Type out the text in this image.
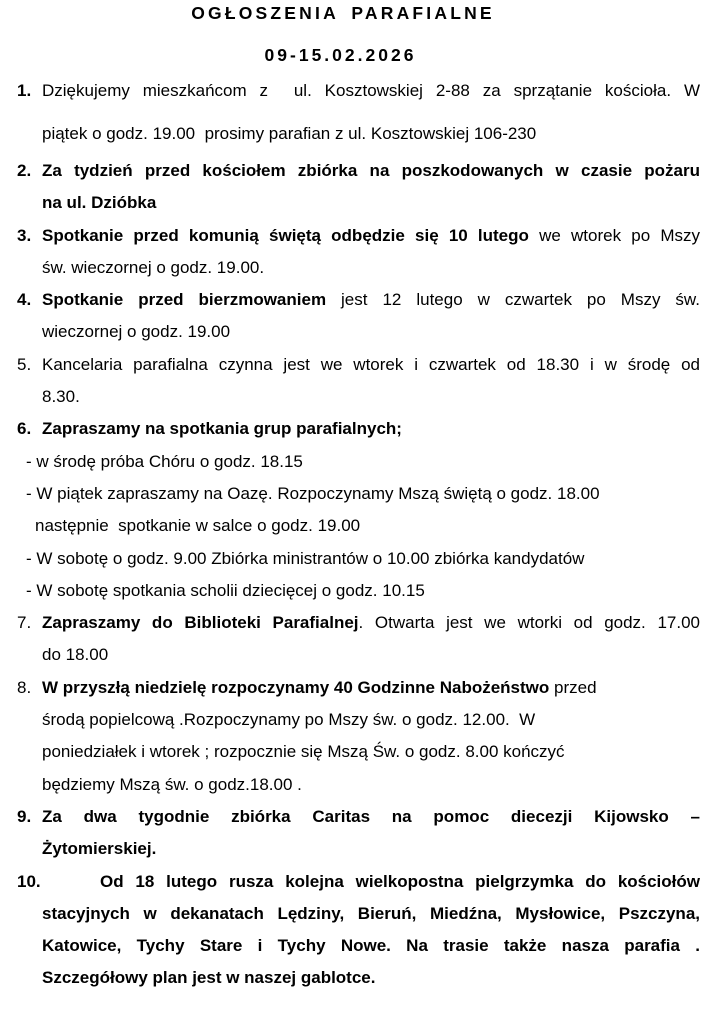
OGŁOSZENIA PARAFIALNE
09-15.02.2026
1. Dziękujemy mieszkańcom z  ul. Kosztowskiej 2-88 za sprzątanie kościoła. W
piątek o godz. 19.00  prosimy parafian z ul. Kosztowskiej 106-230
2. Za tydzień przed kościołem zbiórka na poszkodowanych w czasie pożaru
na ul. Dzióbka
3. Spotkanie przed komunią świętą odbędzie się 10 lutego we wtorek po Mszy
św. wieczornej o godz. 19.00.
4. Spotkanie przed bierzmowaniem jest 12 lutego w czwartek po Mszy św.
wieczornej o godz. 19.00
5. Kancelaria parafialna czynna jest we wtorek i czwartek od 18.30 i w środę od
8.30.
6. Zapraszamy na spotkania grup parafialnych;
- w środę próba Chóru o godz. 18.15
- W piątek zapraszamy na Oazę. Rozpoczynamy Mszą świętą o godz. 18.00
następnie  spotkanie w salce o godz. 19.00
- W sobotę o godz. 9.00 Zbiórka ministrantów o 10.00 zbiórka kandydatów
- W sobotę spotkania scholii dziecięcej o godz. 10.15
7. Zapraszamy do Biblioteki Parafialnej. Otwarta jest we wtorki od godz. 17.00
do 18.00
8. W przyszłą niedzielę rozpoczynamy 40 Godzinne Nabożeństwo przed
środą popielcową .Rozpoczynamy po Mszy św. o godz. 12.00.  W
poniedziałek i wtorek ; rozpocznie się Mszą Św. o godz. 8.00 kończyć
będziemy Mszą św. o godz.18.00 .
9. Za dwa tygodnie zbiórka Caritas na pomoc diecezji Kijowsko –
Żytomierskiej.
10.	Od 18 lutego rusza kolejna wielkopostna pielgrzymka do kościołów
stacyjnych w dekanatach Lędziny, Bieruń, Miedźna, Mysłowice, Pszczyna,
Katowice, Tychy Stare i Tychy Nowe. Na trasie także nasza parafia .
Szczegółowy plan jest w naszej gablotce.
